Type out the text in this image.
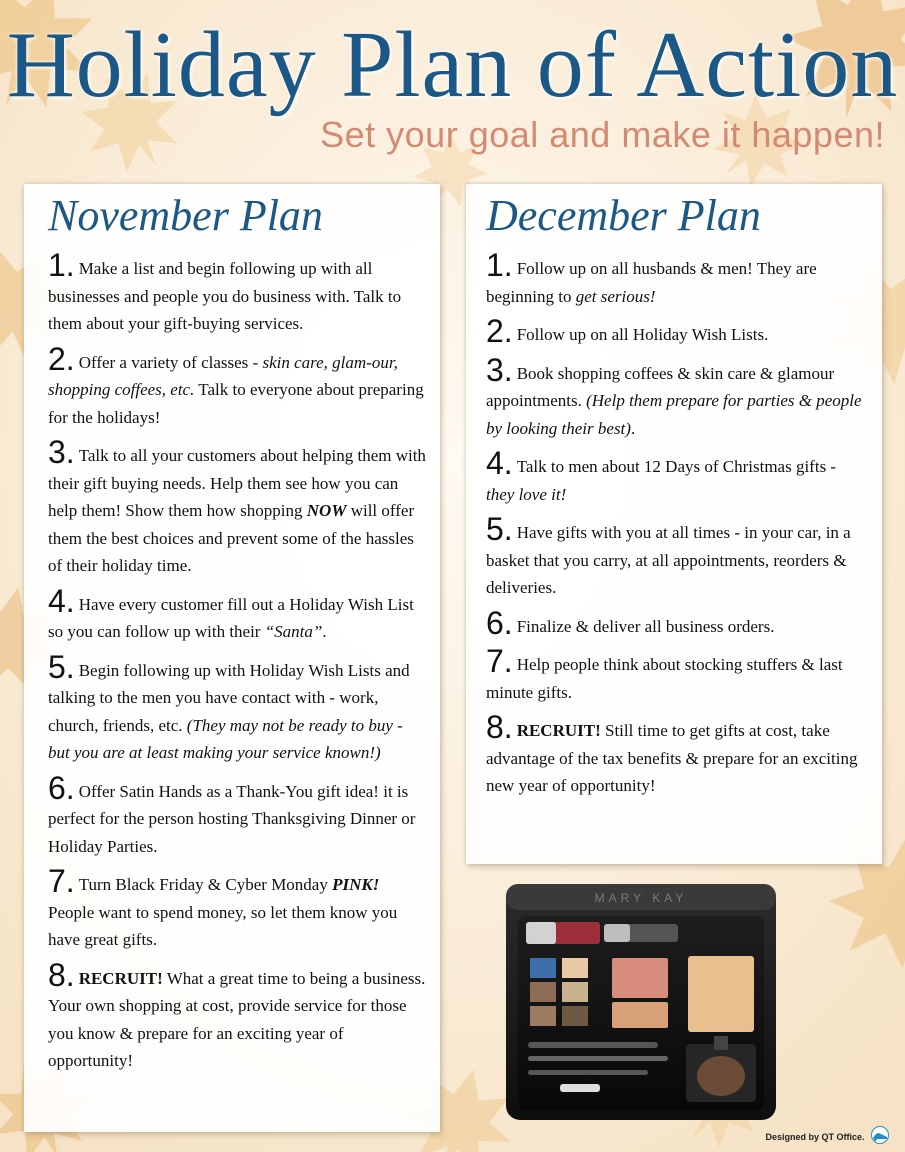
Holiday Plan of Action

Set your goal and make it happen!

November Plan

1. Make a list and begin following up with all businesses and people you do business with. Talk to them about your gift-buying services.

2. Offer a variety of classes - skin care, glam-our, shopping coffees, etc. Talk to everyone about preparing for the holidays!

3. Talk to all your customers about helping them with their gift buying needs. Help them see how you can help them! Show them how shopping NOW will offer them the best choices and prevent some of the hassles of their holiday time.

4. Have every customer fill out a Holiday Wish List so you can follow up with their “Santa”.

5. Begin following up with Holiday Wish Lists and talking to the men you have contact with - work, church, friends, etc. (They may not be ready to buy - but you are at least making your service known!)

6. Offer Satin Hands as a Thank-You gift idea! it is perfect for the person hosting Thanksgiving Dinner or Holiday Parties.

7. Turn Black Friday & Cyber Monday PINK! People want to spend money, so let them know you have great gifts.

8. RECRUIT! What a great time to being a business. Your own shopping at cost, provide service for those you know & prepare for an exciting year of opportunity!

December Plan

1. Follow up on all husbands & men! They are beginning to get serious!

2. Follow up on all Holiday Wish Lists.

3. Book shopping coffees & skin care & glamour appointments. (Help them prepare for parties & people by looking their best).

4. Talk to men about 12 Days of Christmas gifts - they love it!

5. Have gifts with you at all times - in your car, in a basket that you carry, at all appointments, reorders & deliveries.

6. Finalize & deliver all business orders.

7. Help people think about stocking stuffers & last minute gifts.

8. RECRUIT! Still time to get gifts at cost, take advantage of the tax benefits & prepare for an exciting new year of opportunity!

MARY KAY
Designed by QT Office.
